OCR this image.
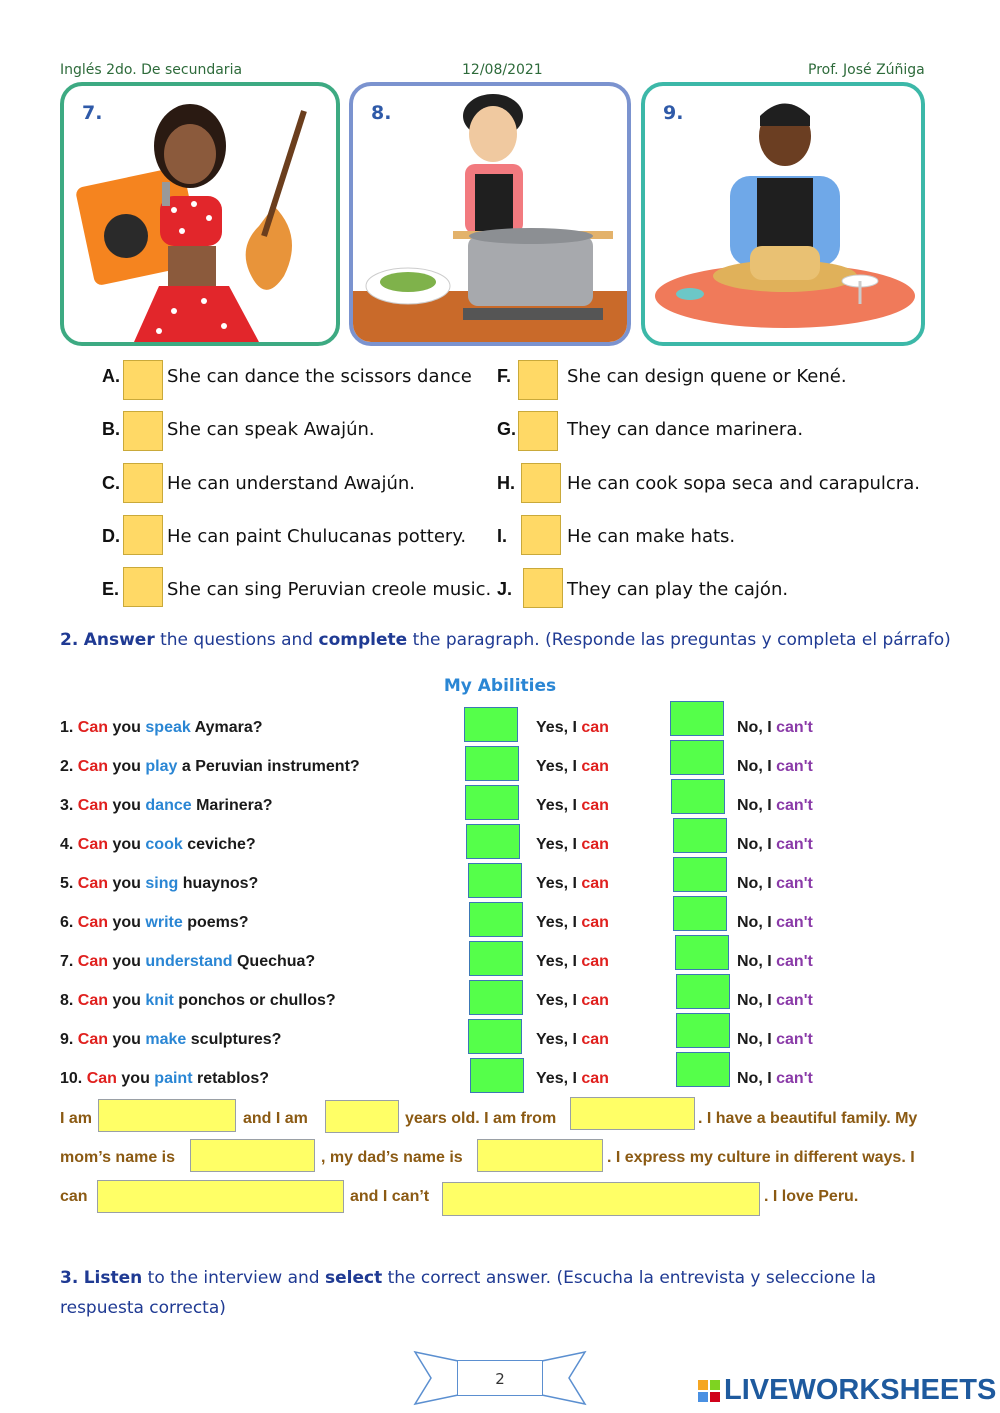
Inglés 2do. De secundaria	12/08/2021	Prof. José Zúñiga
7.	8.	9.
A.	She can dance the scissors dance
B.	She can speak Awajún.
C.	He can understand Awajún.
D.	He can paint Chulucanas pottery.
E.	She can sing Peruvian creole music.
F.	She can design quene or Kené.
G.	They can dance marinera.
H.	He can cook sopa seca and carapulcra.
I.	He can make hats.
J.	They can play the cajón.
2. Answer the questions and complete the paragraph. (Responde las preguntas y completa el párrafo)
My Abilities
1. Can you speak Aymara?	Yes, I can	No, I can't
2. Can you play a Peruvian instrument?	Yes, I can	No, I can't
3. Can you dance Marinera?	Yes, I can	No, I can't
4. Can you cook ceviche?	Yes, I can	No, I can't
5. Can you sing huaynos?	Yes, I can	No, I can't
6. Can you write poems?	Yes, I can	No, I can't
7. Can you understand Quechua?	Yes, I can	No, I can't
8. Can you knit ponchos or chullos?	Yes, I can	No, I can't
9. Can you make sculptures?	Yes, I can	No, I can't
10. Can you paint retablos?	Yes, I can	No, I can't
I am	and I am	years old. I am from	. I have a beautiful family. My
mom’s name is	, my dad’s name is	. I express my culture in different ways. I
can	and I can’t	. I love Peru.
3. Listen to the interview and select the correct answer. (Escucha la entrevista y seleccione la
respuesta correcta)
2	LIVEWORKSHEETS
